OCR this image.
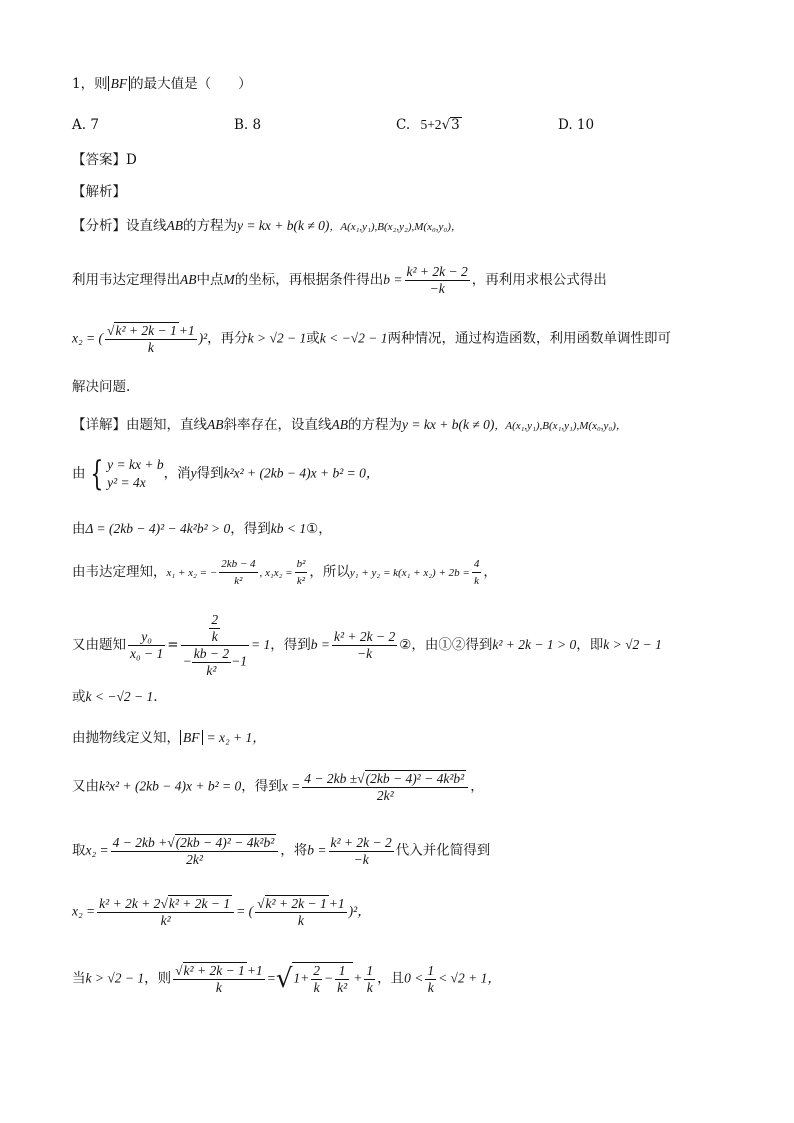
1，则 BF 的最大值是（　　）
A. 7	B. 8	C. 5+2√3	D. 10
【答案】D
【解析】
【分析】设直线AB的方程为y = kx + b(k ≠ 0)，A(x₁,y₁),B(x₂,y₂),M(x₀,y₀)，
利用韦达定理得出AB中点M的坐标，再根据条件得出$b = \frac{\text{k² + 2k − 2}}{-k}$ ，再利用求根公式得出
x₂ = ( $\frac{\text{√k² + 2k − 1 +1}}{k} )^2$，再分k > √2 − 1或k < −√2 − 1两种情况，通过构造函数，利用函数单调性即可
解决问题.
【详解】由题知，直线AB斜率存在，设直线AB的方程为y = kx + b(k ≠ 0)，A(x₁,y₁),B(x₁,y₁),M(x₀,y₀)，
由 { y = kx + b
y² = 4x
，消y得到k²x² + (2kb − 4)x + b² = 0，
由Δ = (2kb − 4)² − 4k²b² > 0，得到kb < 1①，
由韦达定理知，x₁ + x₂ = − $\frac{2kb - 4}{\text{k²}}$ , $x_1x_2 = \frac{\text{b²}}{\text{k²}}$ ，所以$y_1 + y_2 = k(x_1 + x_2) + 2b = \frac{4}{k}$ ，
又由题知 $\frac{\text{y₀}}{\text{x₀ − 1}} = \frac{\frac{2}{k}}{- \frac{kb - 2}{\text{k²}} -1} = 1$，得到$b = \frac{\text{k² + 2k − 2}}{-k}$ ②，由①②得到k² + 2k − 1 > 0，即k > √2 − 1
或k < −√2 − 1.
由抛物线定义知， BF = x₂ + 1，
又由k²x² + (2kb − 4)x + b² = 0，得到$x = \frac{\text{4 − 2kb ±√(2kb − 4)² − 4k²b²}}{\text{2k²}}$ ，
取$x_2 = \frac{\text{4 − 2kb +√(2kb − 4)² − 4k²b²}}{\text{2k²}}$ ，将$b = \frac{\text{k² + 2k − 2}}{-k}$ 代入并化简得到
$x_2 = \frac{\text{k² + 2k + 2√k² + 2k − 1}}{\text{k²}}$ = ( $\frac{\text{√k² + 2k − 1 +1}}{k} )^2$，
当k > √2 − 1，则 $\frac{\text{√k² + 2k − 1 +1}}{k} =√1+ \frac{2}{k} - \frac{1}{\text{k²}} + \frac{1}{k}$ ，且$0 < \frac{1}{k} < √2 + 1$，
